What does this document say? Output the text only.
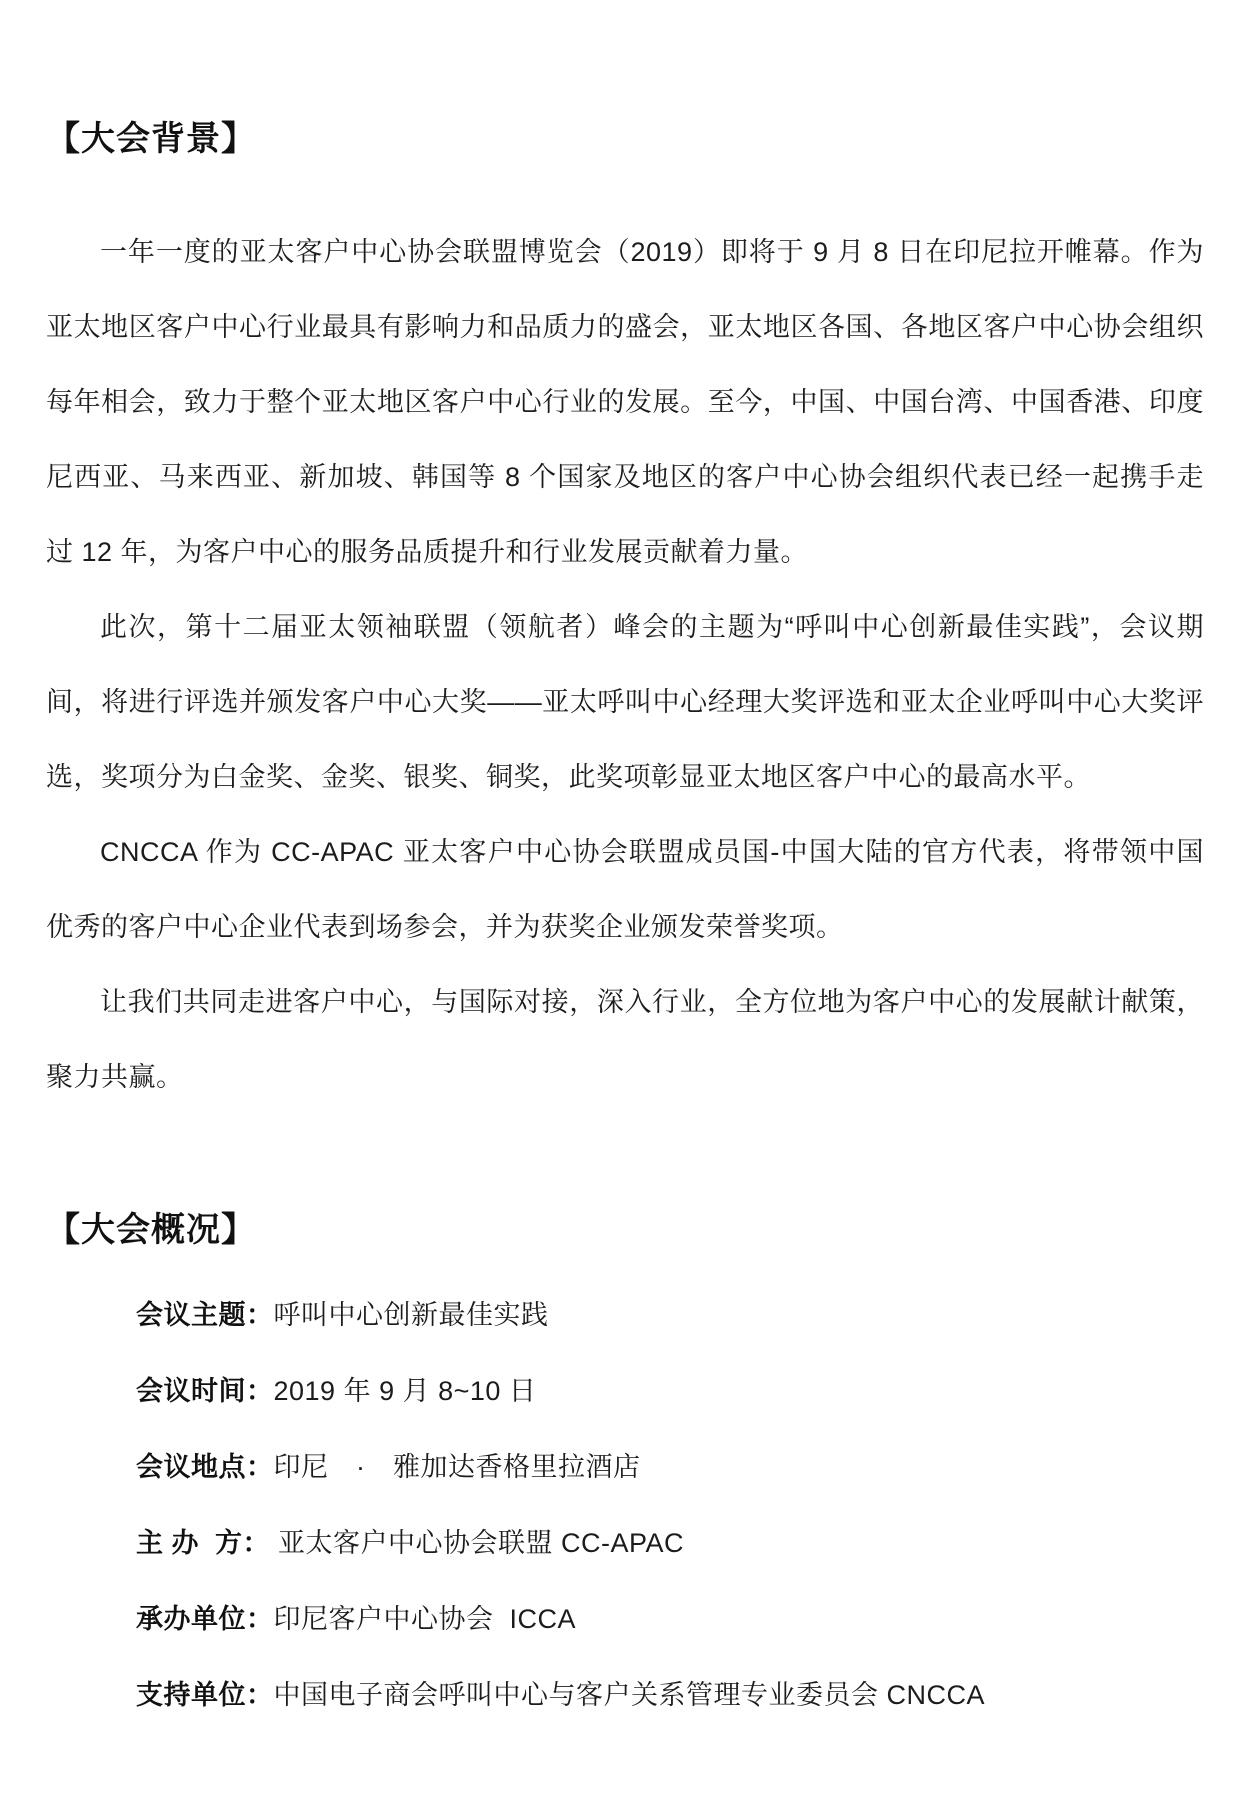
【大会背景】

一年一度的亚太客户中心协会联盟博览会（2019）即将于 9 月 8 日在印尼拉开帷幕。作为亚太地区客户中心行业最具有影响力和品质力的盛会，亚太地区各国、各地区客户中心协会组织每年相会，致力于整个亚太地区客户中心行业的发展。至今，中国、中国台湾、中国香港、印度尼西亚、马来西亚、新加坡、韩国等 8 个国家及地区的客户中心协会组织代表已经一起携手走过 12 年，为客户中心的服务品质提升和行业发展贡献着力量。

此次，第十二届亚太领袖联盟（领航者）峰会的主题为“呼叫中心创新最佳实践”，会议期间，将进行评选并颁发客户中心大奖——亚太呼叫中心经理大奖评选和亚太企业呼叫中心大奖评选，奖项分为白金奖、金奖、银奖、铜奖，此奖项彰显亚太地区客户中心的最高水平。

CNCCA 作为 CC-APAC 亚太客户中心协会联盟成员国-中国大陆的官方代表，将带领中国优秀的客户中心企业代表到场参会，并为获奖企业颁发荣誉奖项。

让我们共同走进客户中心，与国际对接，深入行业，全方位地为客户中心的发展献计献策，聚力共赢。

【大会概况】

会议主题：呼叫中心创新最佳实践

会议时间：2019 年 9 月 8~10 日

会议地点：印尼　·　雅加达香格里拉酒店

主 办  方： 亚太客户中心协会联盟 CC-APAC

承办单位：印尼客户中心协会  ICCA

支持单位：中国电子商会呼叫中心与客户关系管理专业委员会 CNCCA
